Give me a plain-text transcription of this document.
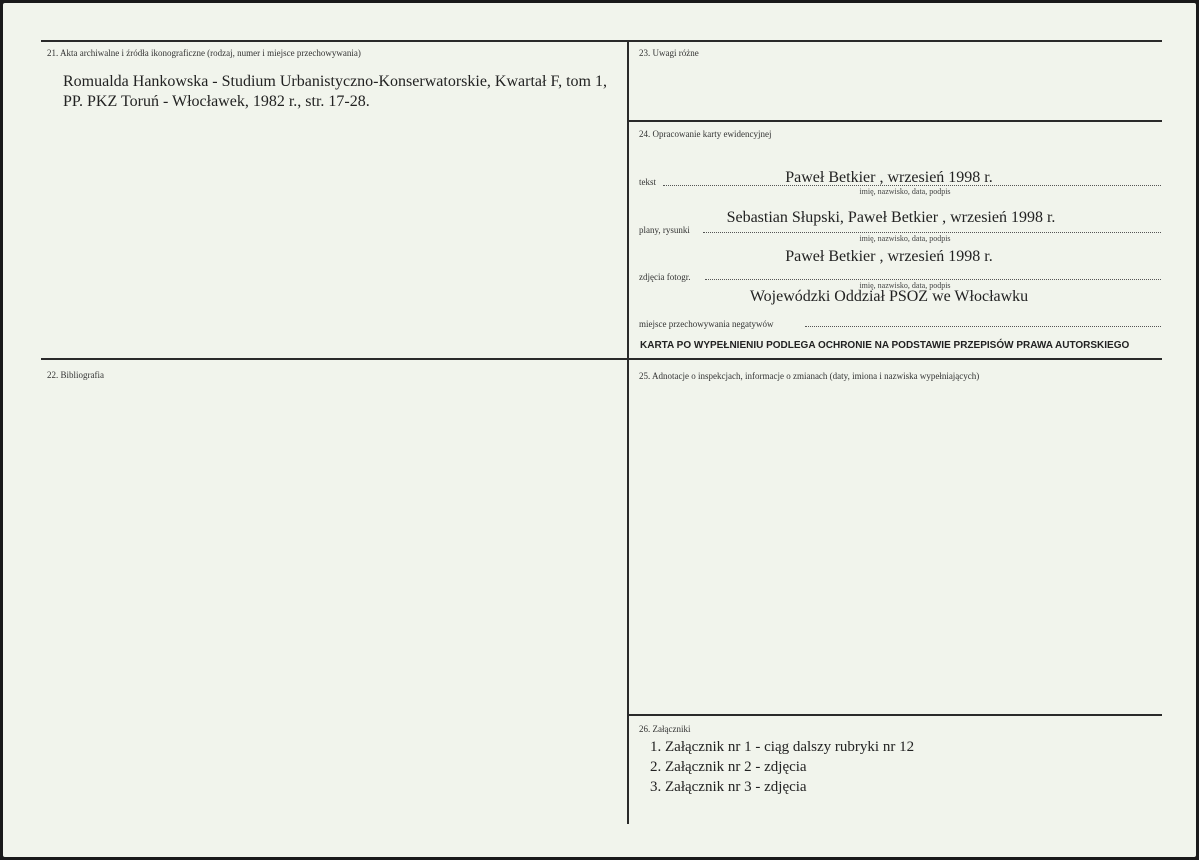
21. Akta archiwalne i źródła ikonograficzne (rodzaj, numer i miejsce przechowywania)
Romualda Hankowska - Studium Urbanistyczno-Konserwatorskie, Kwartał F, tom 1,
PP. PKZ Toruń - Włocławek, 1982 r., str. 17-28.
22. Bibliografia
23. Uwagi różne
24. Opracowanie karty ewidencyjnej
tekst	Paweł Betkier , wrzesień 1998 r.
imię, nazwisko, data, podpis
plany, rysunki
Sebastian Słupski, Paweł Betkier , wrzesień 1998 r.
imię, nazwisko, data, podpis
zdjęcia fotogr.
Paweł Betkier , wrzesień 1998 r.
imię, nazwisko, data, podpis
miejsce przechowywania negatywów
Wojewódzki Oddział PSOZ we Włocławku
KARTA PO WYPEŁNIENIU PODLEGA OCHRONIE NA PODSTAWIE PRZEPISÓW PRAWA AUTORSKIEGO
25. Adnotacje o inspekcjach, informacje o zmianach (daty, imiona i nazwiska wypełniających)
26. Załączniki
1. Załącznik nr 1 - ciąg dalszy rubryki nr 12
2. Załącznik nr 2 - zdjęcia
3. Załącznik nr 3 - zdjęcia
